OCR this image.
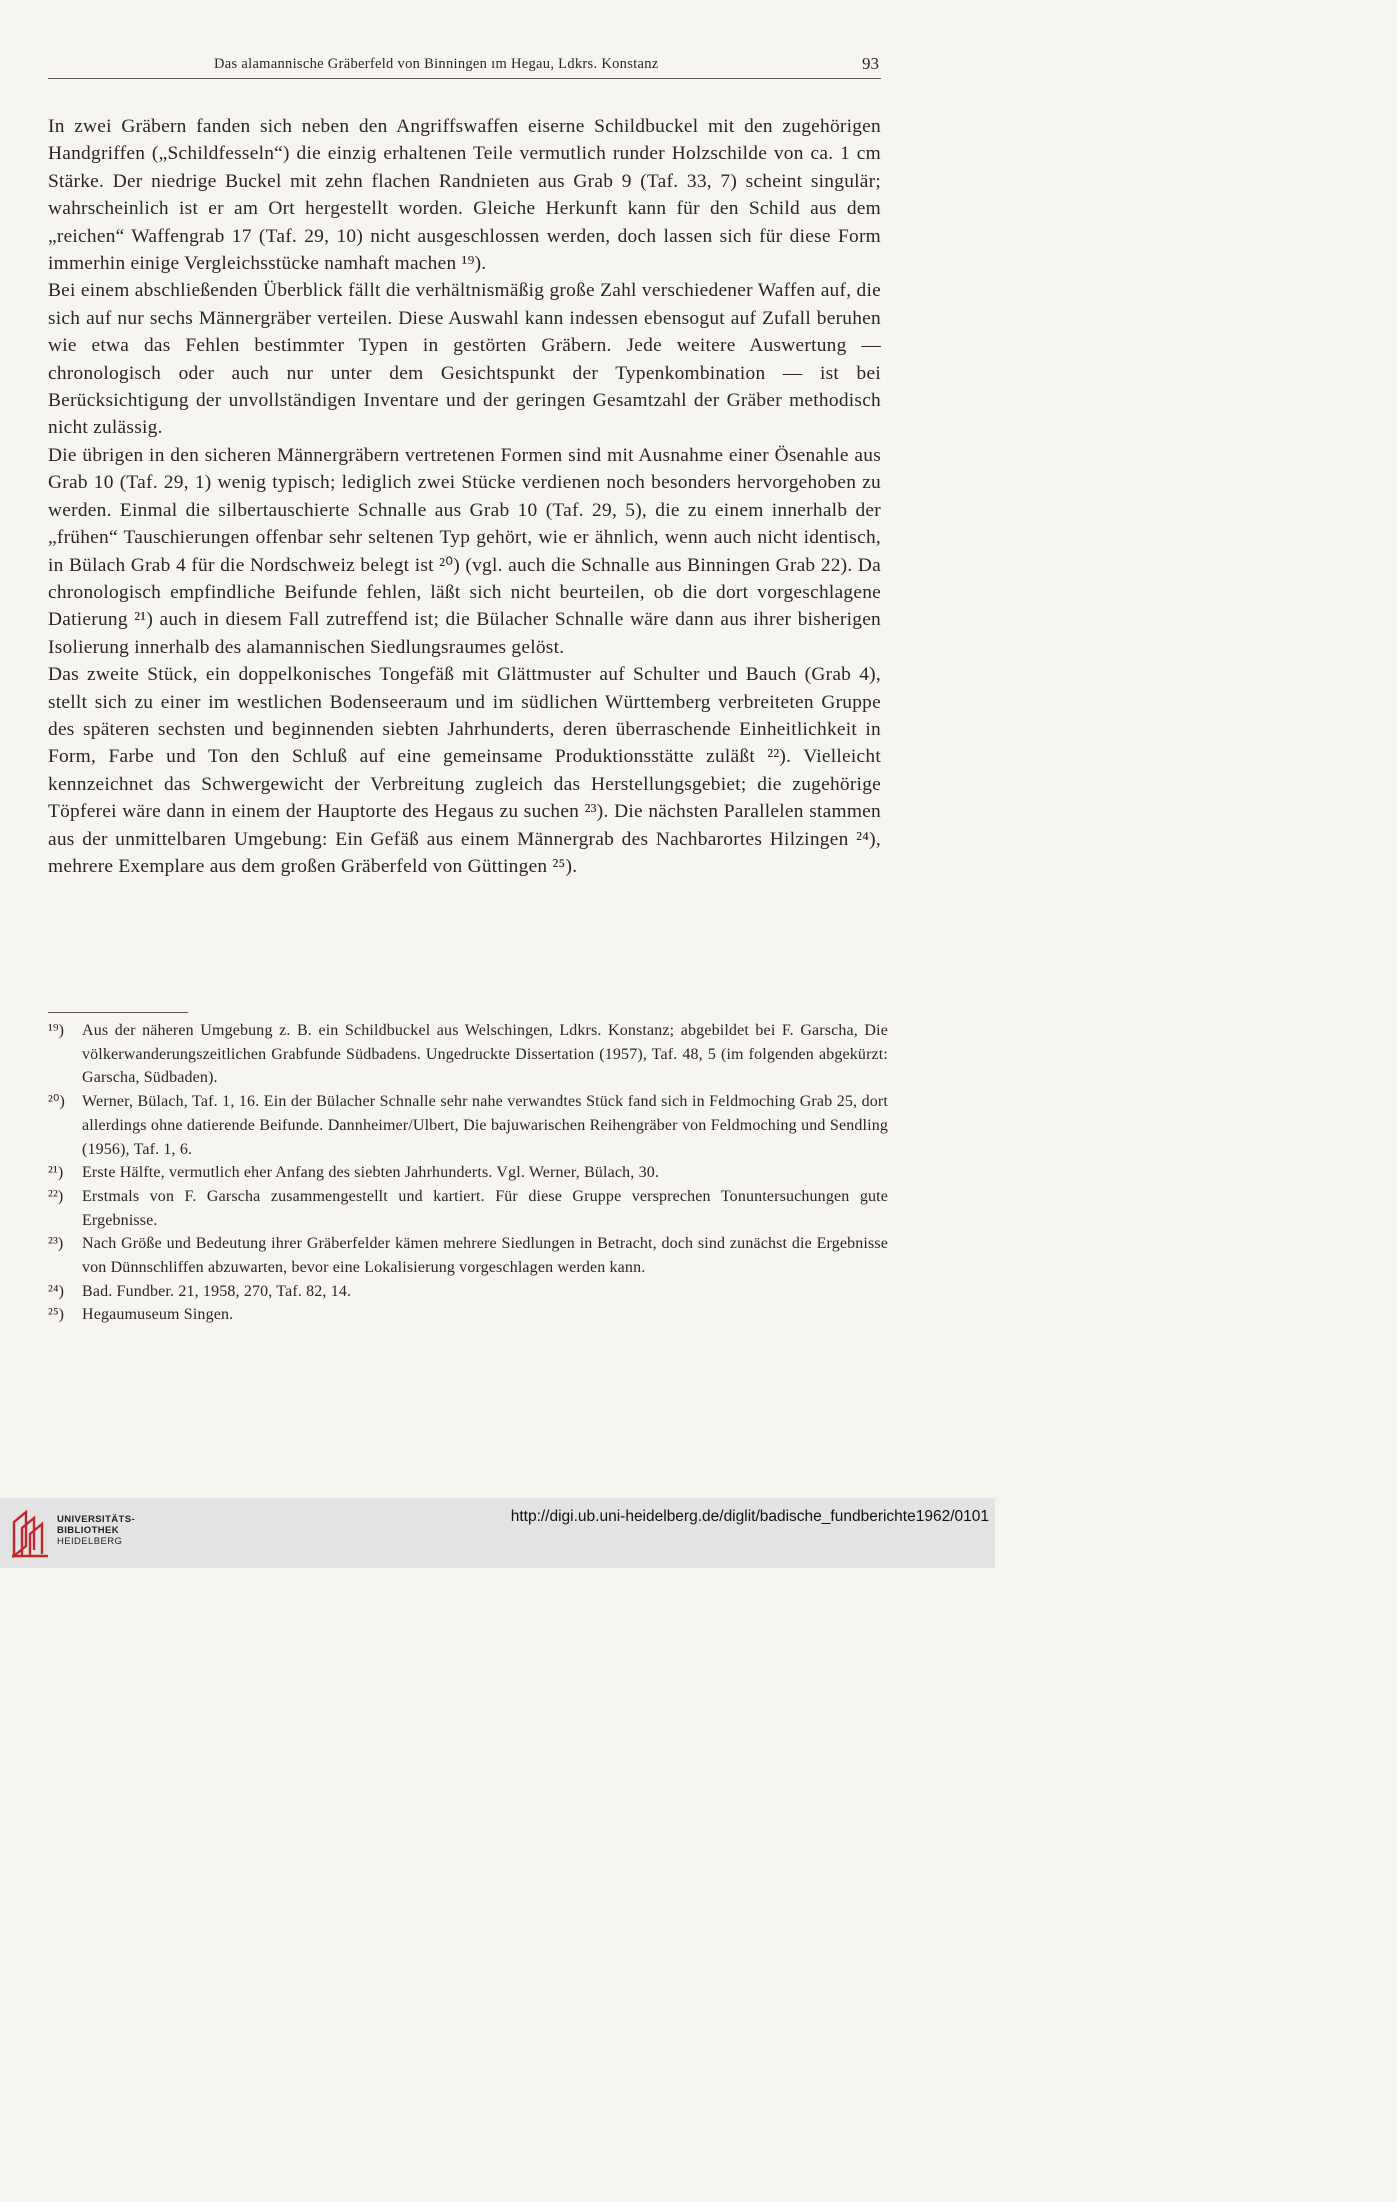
Das alamannische Gräberfeld von Binningen ım Hegau, Ldkrs. Konstanz	93

In zwei Gräbern fanden sich neben den Angriffswaffen eiserne Schildbuckel mit den zugehörigen Handgriffen („Schildfesseln“) die einzig erhaltenen Teile vermutlich runder Holzschilde von ca. 1 cm Stärke. Der niedrige Buckel mit zehn flachen Randnieten aus Grab 9 (Taf. 33, 7) scheint singulär; wahrscheinlich ist er am Ort hergestellt worden. Gleiche Herkunft kann für den Schild aus dem „reichen“ Waffengrab 17 (Taf. 29, 10) nicht ausgeschlossen werden, doch lassen sich für diese Form immerhin einige Vergleichsstücke namhaft machen ¹⁹).

Bei einem abschließenden Überblick fällt die verhältnismäßig große Zahl verschiedener Waffen auf, die sich auf nur sechs Männergräber verteilen. Diese Auswahl kann indessen ebensogut auf Zufall beruhen wie etwa das Fehlen bestimmter Typen in gestörten Gräbern. Jede weitere Auswertung — chronologisch oder auch nur unter dem Gesichtspunkt der Typenkombination — ist bei Berücksichtigung der unvollständigen Inventare und der geringen Gesamtzahl der Gräber methodisch nicht zulässig.

Die übrigen in den sicheren Männergräbern vertretenen Formen sind mit Ausnahme einer Ösenahle aus Grab 10 (Taf. 29, 1) wenig typisch; lediglich zwei Stücke verdienen noch besonders hervorgehoben zu werden. Einmal die silbertauschierte Schnalle aus Grab 10 (Taf. 29, 5), die zu einem innerhalb der „frühen“ Tauschierungen offenbar sehr seltenen Typ gehört, wie er ähnlich, wenn auch nicht identisch, in Bülach Grab 4 für die Nordschweiz belegt ist ²⁰) (vgl. auch die Schnalle aus Binningen Grab 22). Da chronologisch empfindliche Beifunde fehlen, läßt sich nicht beurteilen, ob die dort vorgeschlagene Datierung ²¹) auch in diesem Fall zutreffend ist; die Bülacher Schnalle wäre dann aus ihrer bisherigen Isolierung innerhalb des alamannischen Siedlungsraumes gelöst.

Das zweite Stück, ein doppelkonisches Tongefäß mit Glättmuster auf Schulter und Bauch (Grab 4), stellt sich zu einer im westlichen Bodenseeraum und im südlichen Württemberg verbreiteten Gruppe des späteren sechsten und beginnenden siebten Jahrhunderts, deren überraschende Einheitlichkeit in Form, Farbe und Ton den Schluß auf eine gemeinsame Produktionsstätte zuläßt ²²). Vielleicht kennzeichnet das Schwergewicht der Verbreitung zugleich das Herstellungsgebiet; die zugehörige Töpferei wäre dann in einem der Hauptorte des Hegaus zu suchen ²³). Die nächsten Parallelen stammen aus der unmittelbaren Umgebung: Ein Gefäß aus einem Männergrab des Nachbarortes Hilzingen ²⁴), mehrere Exemplare aus dem großen Gräberfeld von Güttingen ²⁵).

¹⁹)	Aus der näheren Umgebung z. B. ein Schildbuckel aus Welschingen, Ldkrs. Konstanz; abgebildet bei F. Garscha, Die völkerwanderungszeitlichen Grabfunde Südbadens. Ungedruckte Dissertation (1957), Taf. 48, 5 (im folgenden abgekürzt: Garscha, Südbaden).
²⁰)	Werner, Bülach, Taf. 1, 16. Ein der Bülacher Schnalle sehr nahe verwandtes Stück fand sich in Feldmoching Grab 25, dort allerdings ohne datierende Beifunde. Dannheimer/Ulbert, Die bajuwarischen Reihengräber von Feldmoching und Sendling (1956), Taf. 1, 6.
²¹)	Erste Hälfte, vermutlich eher Anfang des siebten Jahrhunderts. Vgl. Werner, Bülach, 30.
²²)	Erstmals von F. Garscha zusammengestellt und kartiert. Für diese Gruppe versprechen Tonuntersuchungen gute Ergebnisse.
²³)	Nach Größe und Bedeutung ihrer Gräberfelder kämen mehrere Siedlungen in Betracht, doch sind zunächst die Ergebnisse von Dünnschliffen abzuwarten, bevor eine Lokalisierung vorgeschlagen werden kann.
²⁴)	Bad. Fundber. 21, 1958, 270, Taf. 82, 14.
²⁵)	Hegaumuseum Singen.
UNIVERSITÄTS-
BIBLIOTHEK
HEIDELBERG
http://digi.ub.uni-heidelberg.de/diglit/badische_fundberichte1962/0101
